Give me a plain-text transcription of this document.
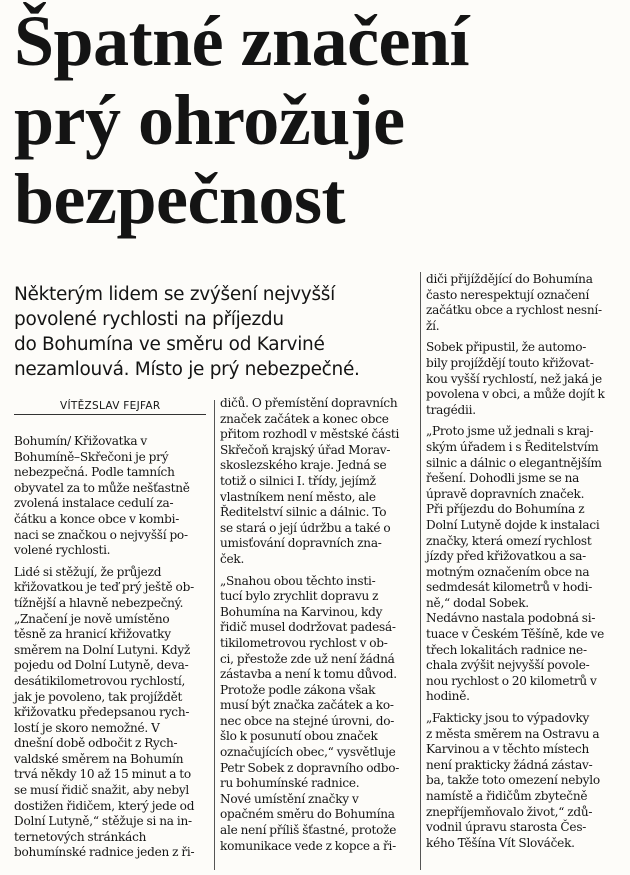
Špatné značení
prý ohrožuje
bezpečnost
Některým lidem se zvýšení nejvyšší
povolené rychlosti na příjezdu
do Bohumína ve směru od Karviné
nezamlouvá. Místo je prý nebezpečné.
VÍTĚZSLAV FEJFAR
Bohumín/ Křižovatka v
Bohumíně–Skřečoni je prý
nebezpečná. Podle tamních
obyvatel za to může nešťastně
zvolená instalace cedulí za-
čátku a konce obce v kombi-
naci se značkou o nejvyšší po-
volené rychlosti.
Lidé si stěžují, že průjezd
křižovatkou je teď prý ještě ob-
tížnější a hlavně nebezpečný.
„Značení je nově umístěno
těsně za hranicí křižovatky
směrem na Dolní Lutyni. Když
pojedu od Dolní Lutyně, deva-
desátikilometrovou rychlostí,
jak je povoleno, tak projíždět
křižovatku předepsanou rych-
lostí je skoro nemožné. V
dnešní době odbočit z Rych-
valdské směrem na Bohumín
trvá někdy 10 až 15 minut a to
se musí řidič snažit, aby nebyl
dostižen řidičem, který jede od
Dolní Lutyně,“ stěžuje si na in-
ternetových stránkách
bohumínské radnice jeden z ři-
dičů. O přemístění dopravních
značek začátek a konec obce
přitom rozhodl v městské části
Skřečoň krajský úřad Morav-
skoslezského kraje. Jedná se
totiž o silnici I. třídy, jejímž
vlastníkem není město, ale
Ředitelství silnic a dálnic. To
se stará o její údržbu a také o
umisťování dopravních zna-
ček.
„Snahou obou těchto insti-
tucí bylo zrychlit dopravu z
Bohumína na Karvinou, kdy
řidič musel dodržovat padesá-
tikilometrovou rychlost v ob-
ci, přestože zde už není žádná
zástavba a není k tomu důvod.
Protože podle zákona však
musí být značka začátek a ko-
nec obce na stejné úrovni, do-
šlo k posunutí obou značek
označujících obec,“ vysvětluje
Petr Sobek z dopravního odbo-
ru bohumínské radnice.
Nové umístění značky v
opačném směru do Bohumína
ale není příliš šťastné, protože
komunikace vede z kopce a ři-
diči přijíždějící do Bohumína
často nerespektují označení
začátku obce a rychlost nesní-
ží.
Sobek připustil, že automo-
bily projíždějí touto křižovat-
kou vyšší rychlostí, než jaká je
povolena v obci, a může dojít k
tragédii.
„Proto jsme už jednali s kraj-
ským úřadem i s Ředitelstvím
silnic a dálnic o elegantnějším
řešení. Dohodli jsme se na
úpravě dopravních značek.
Při příjezdu do Bohumína z
Dolní Lutyně dojde k instalaci
značky, která omezí rychlost
jízdy před křižovatkou a sa-
motným označením obce na
sedmdesát kilometrů v hodi-
ně,“ dodal Sobek.
Nedávno nastala podobná si-
tuace v Českém Těšíně, kde ve
třech lokalitách radnice ne-
chala zvýšit nejvyšší povole-
nou rychlost o 20 kilometrů v
hodině.
„Fakticky jsou to výpadovky
z města směrem na Ostravu a
Karvinou a v těchto místech
není prakticky žádná zástav-
ba, takže toto omezení nebylo
namístě a řidičům zbytečně
znepříjemňovalo život,“ zdů-
vodnil úpravu starosta Čes-
kého Těšína Vít Slováček.
